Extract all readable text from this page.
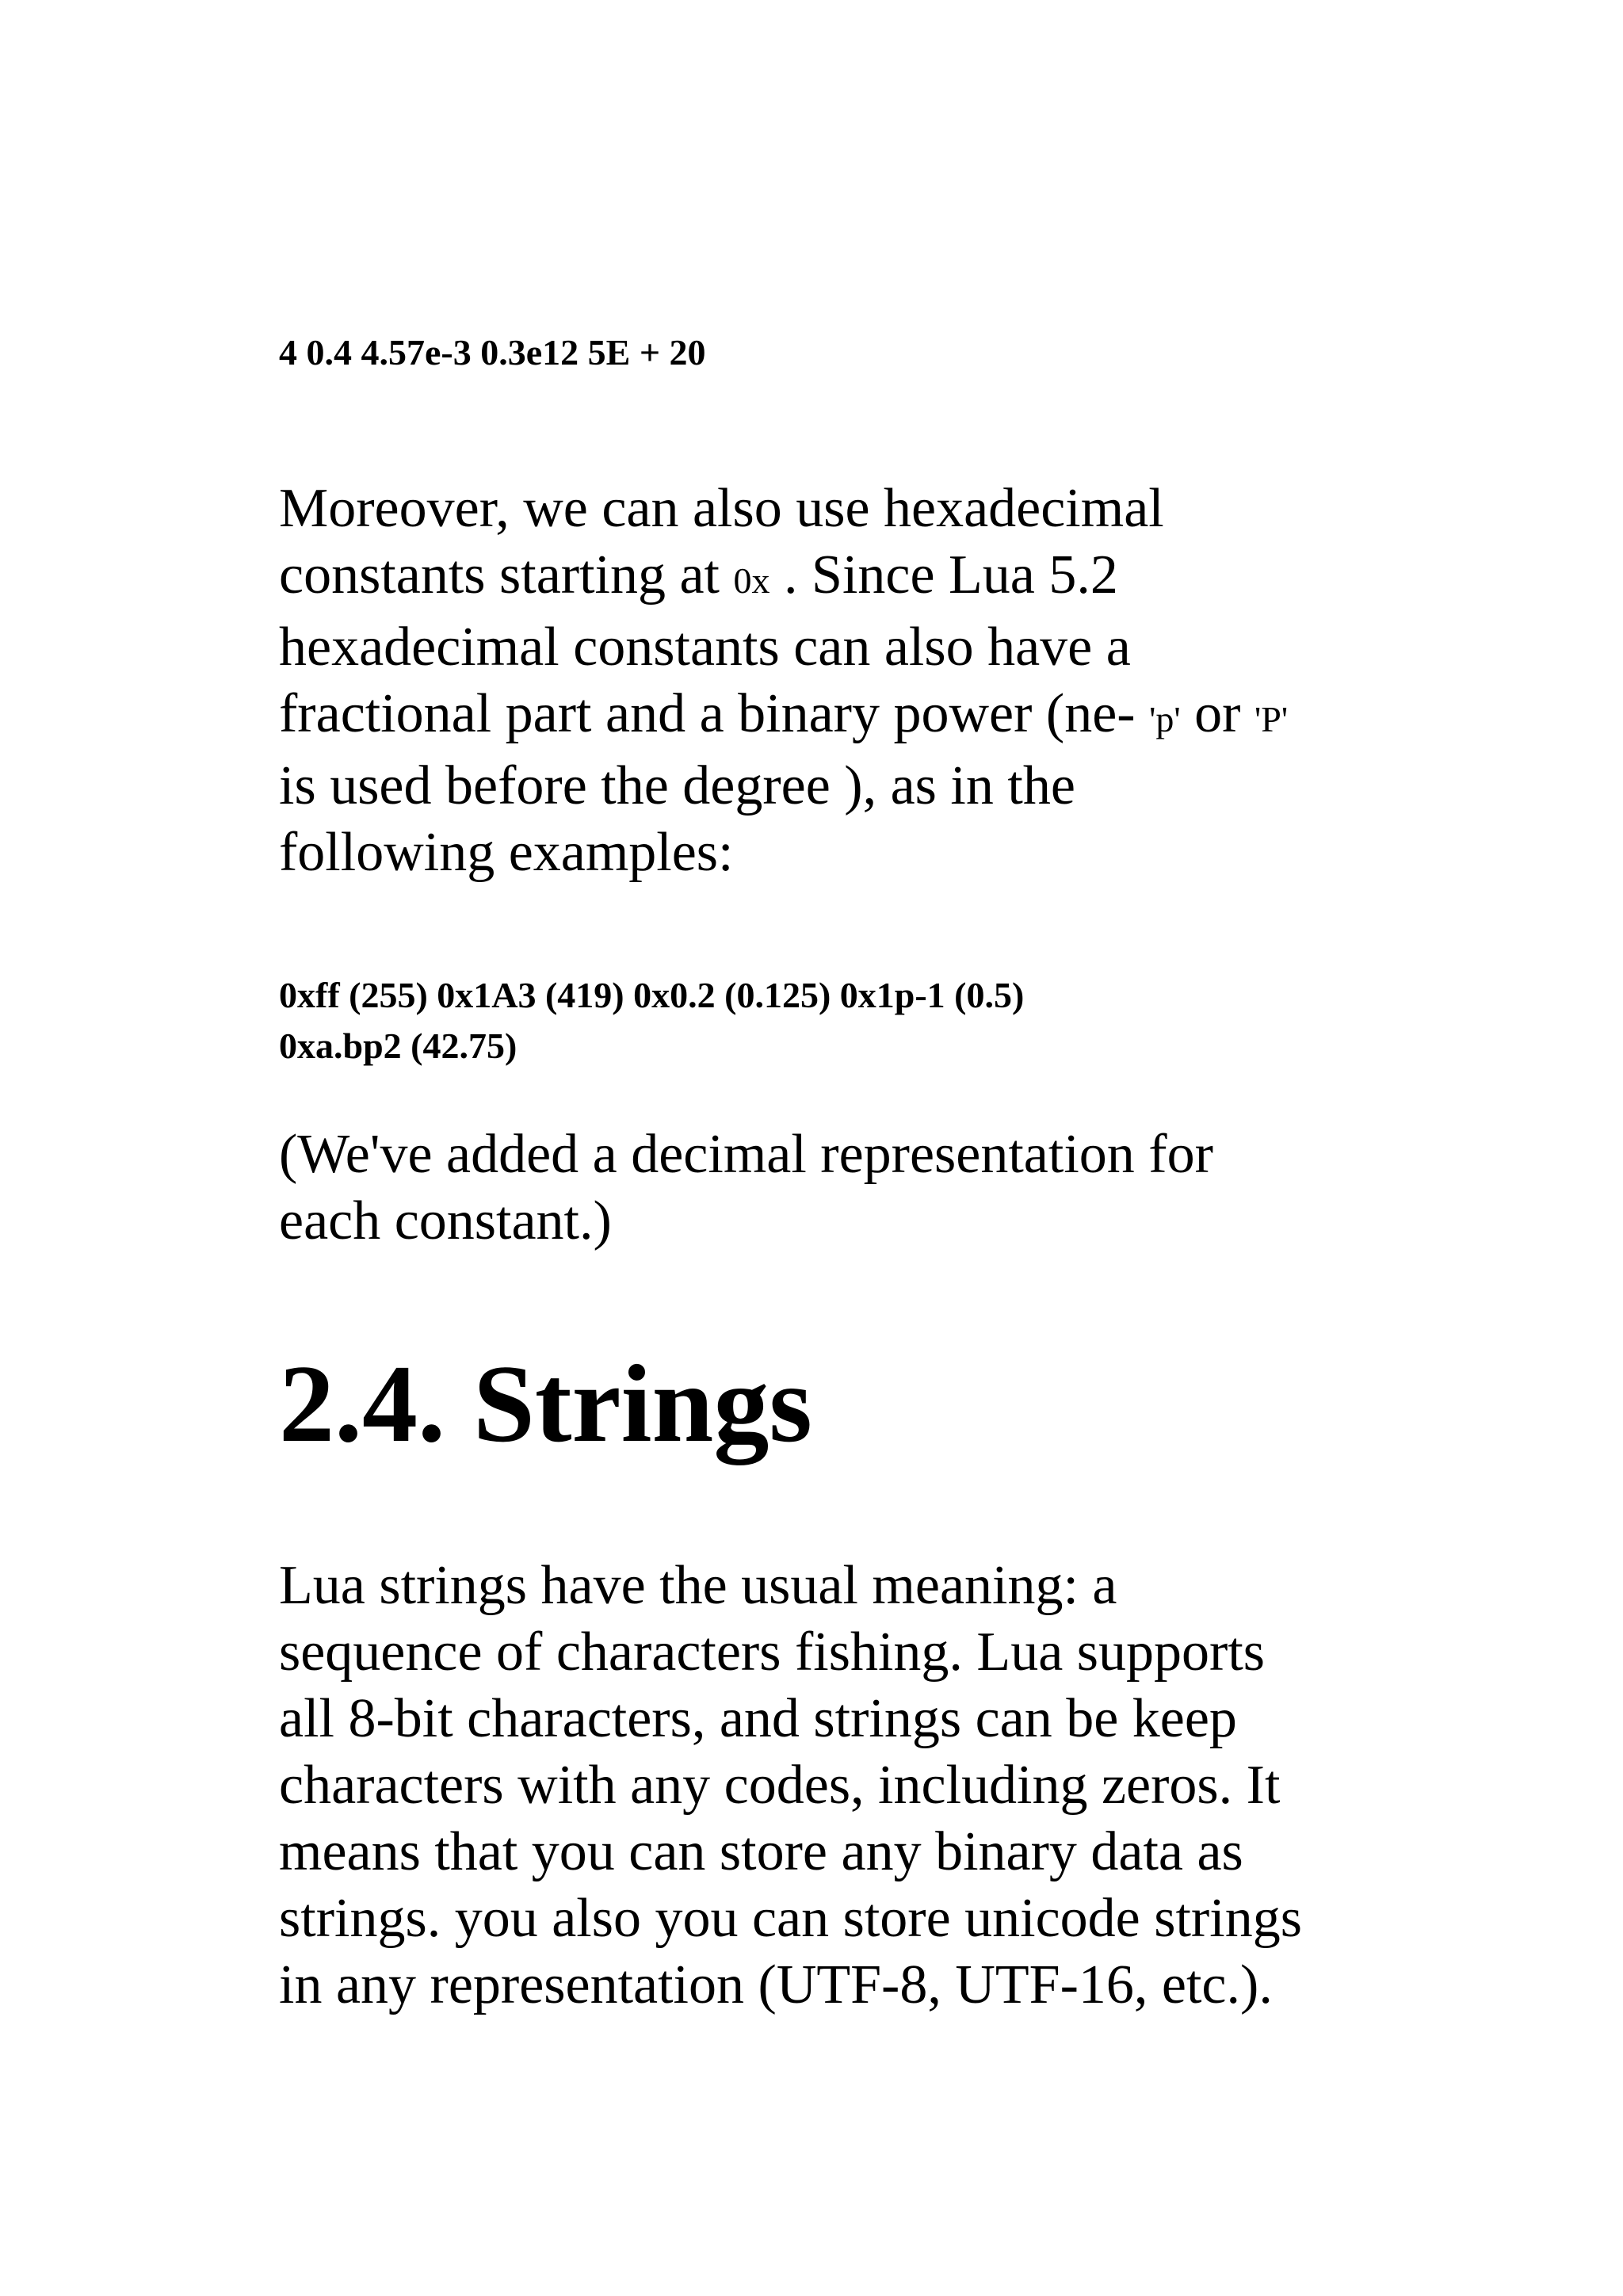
4 0.4 4.57e-3 0.3e12 5E + 20

Moreover, we can also use hexadecimal
constants starting at 0x . Since Lua 5.2
hexadecimal constants can also have a
fractional part and a binary power (ne- 'p' or 'P'
is used before the degree ), as in the
following examples:

0xff (255) 0x1A3 (419) 0x0.2 (0.125) 0x1p-1 (0.5)

0xa.bp2 (42.75)

(We've added a decimal representation for
each constant.)
2.4. Strings
Lua strings have the usual meaning: a
sequence of characters fishing. Lua supports
all 8-bit characters, and strings can be keep
characters with any codes, including zeros. It
means that you can store any binary data as
strings. you also you can store unicode strings
in any representation (UTF-8, UTF-16, etc.).
